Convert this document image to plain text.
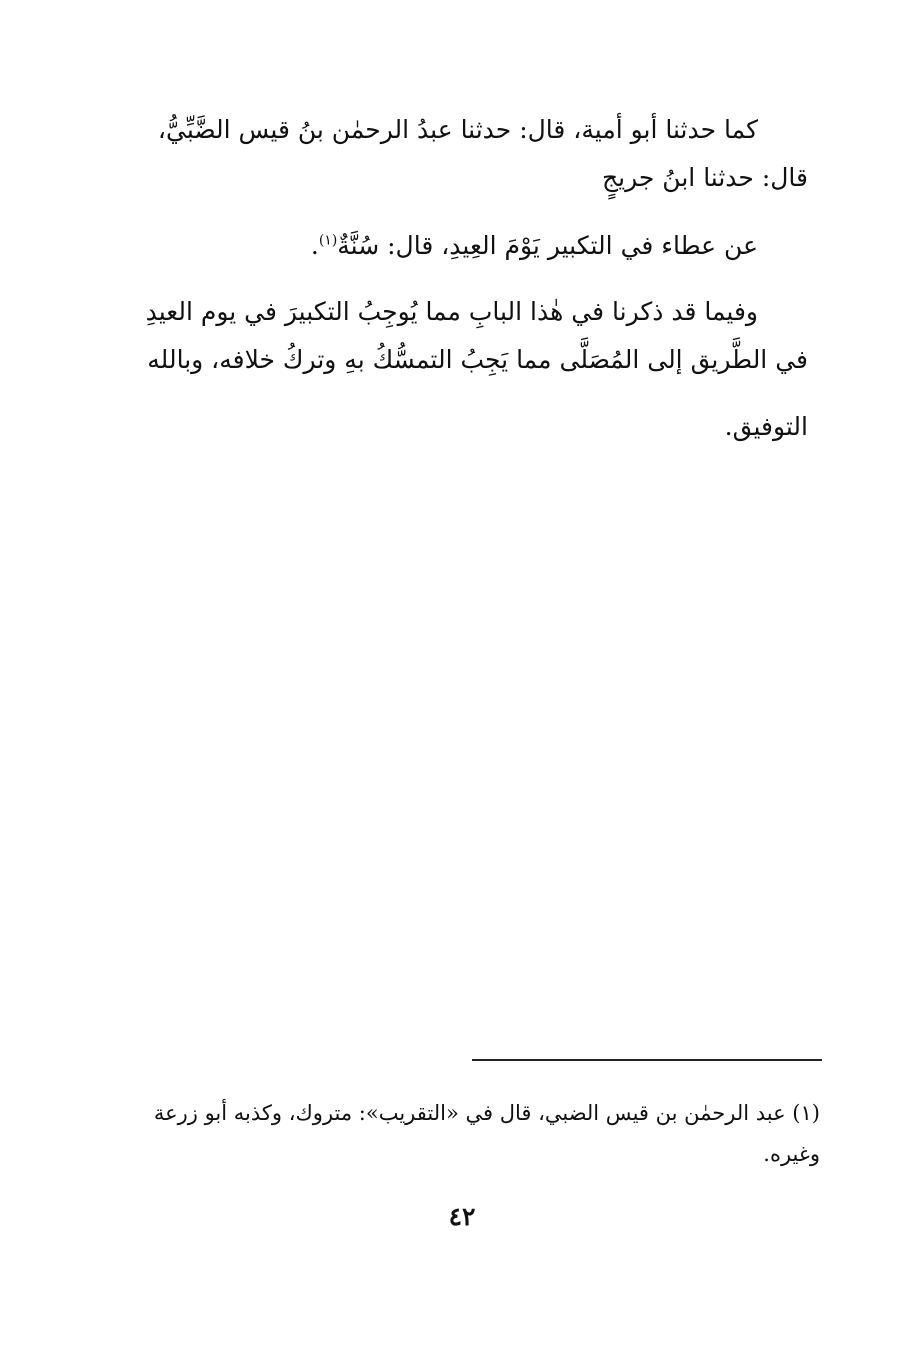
كما حدثنا أبو أمية، قال: حدثنا عبدُ الرحمٰن بنُ قيس الضَّبِّيُّ،
قال: حدثنا ابنُ جريجٍ
عن عطاء في التكبير يَوْمَ العِيدِ، قال: سُنَّةٌ$^{(١)}$.
وفيما قد ذكرنا في هٰذا البابِ مما يُوجِبُ التكبيرَ في يوم العيدِ
في الطَّريق إلى المُصَلَّى مما يَجِبُ التمسُّكُ بهِ وتركُ خلافه، وبالله
التوفيق.
(١) عبد الرحمٰن بن قيس الضبي، قال في «التقريب»: متروك، وكذبه أبو زرعة
وغيره.
٤٢
